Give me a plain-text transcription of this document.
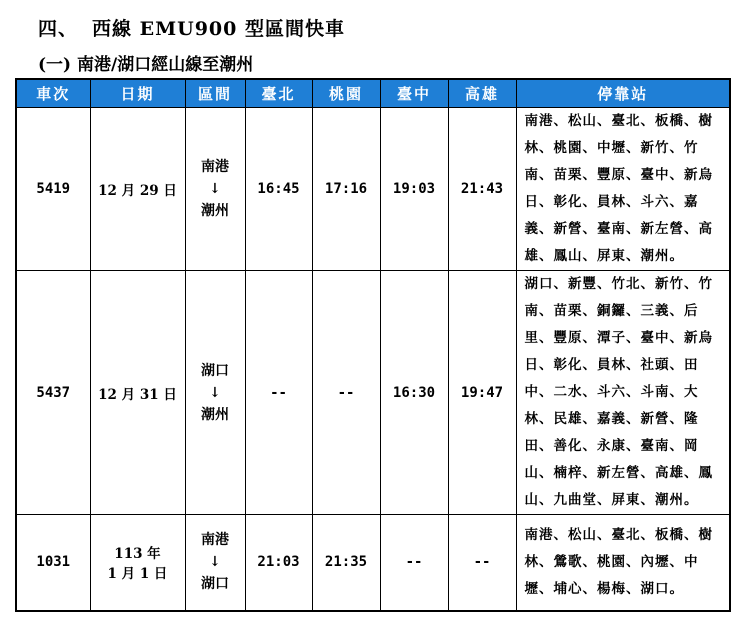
四、 西線 EMU900 型區間快車
(一) 南港/湖口經山線至潮州
車次	日期	區間	臺北	桃園	臺中	高雄	停靠站
5419	12 月 29 日	南港
↓
潮州	16:45	17:16	19:03	21:43	南港、松山、臺北、板橋、樹林、桃園、中壢、新竹、竹南、苗栗、豐原、臺中、新烏日、彰化、員林、斗六、嘉義、新營、臺南、新左營、高雄、鳳山、屏東、潮州。
5437	12 月 31 日	湖口
↓
潮州	--	--	16:30	19:47	湖口、新豐、竹北、新竹、竹南、苗栗、銅鑼、三義、后里、豐原、潭子、臺中、新烏日、彰化、員林、社頭、田中、二水、斗六、斗南、大林、民雄、嘉義、新營、隆田、善化、永康、臺南、岡山、楠梓、新左營、高雄、鳳山、九曲堂、屏東、潮州。
1031	113 年
1 月 1 日	南港
↓
湖口	21:03	21:35	--	--	南港、松山、臺北、板橋、樹林、鶯歌、桃園、內壢、中壢、埔心、楊梅、湖口。
